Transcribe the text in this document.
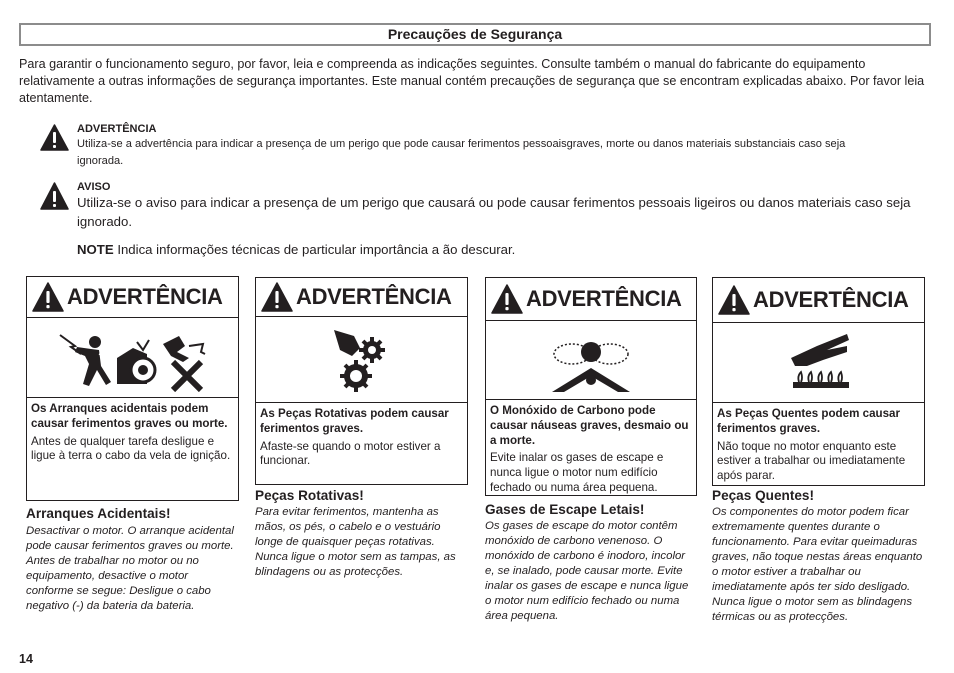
Precauções de Segurança
Para garantir o funcionamento seguro, por favor, leia e compreenda as indicações seguintes. Consulte também o manual do fabricante do equipamento relativamente a outras informações de segurança importantes. Este manual contém precauções de segurança que se encontram explicadas abaixo. Por favor leia atentamente.
ADVERTÊNCIA
Utiliza-se a advertência para indicar a presença de um perigo que pode causar ferimentos pessoaisgraves, morte ou danos materiais substanciais caso seja ignorada.
AVISO
Utiliza-se o aviso para indicar a presença de um perigo que causará ou pode causar ferimentos pessoais ligeiros ou danos materiais caso seja ignorado.
NOTE Indica informações técnicas de particular importância a ão descurar.
ADVERTÊNCIA
Os Arranques acidentais podem causar ferimentos graves ou morte.
Antes de qualquer tarefa desligue e ligue à terra o cabo da vela de ignição.
Arranques Acidentais!
Desactivar o motor. O arranque acidental pode causar ferimentos graves ou morte. Antes de trabalhar no motor ou no equipamento, desactive o motor conforme se segue: Desligue o cabo negativo (-) da bateria da bateria.
ADVERTÊNCIA
As Peças Rotativas podem causar ferimentos graves.
Afaste-se quando o motor estiver a funcionar.
Peças Rotativas!
Para evitar ferimentos, mantenha as mãos, os pés, o cabelo e o vestuário longe de quaisquer peças rotativas. Nunca ligue o motor sem as tampas, as blindagens ou as protecções.
ADVERTÊNCIA
O Monóxido de Carbono pode causar náuseas graves, desmaio ou a morte.
Evite inalar os gases de escape e nunca ligue o motor num edifício fechado ou numa área pequena.
Gases de Escape Letais!
Os gases de escape do motor contêm monóxido de carbono venenoso. O monóxido de carbono é inodoro, incolor e, se inalado, pode causar morte. Evite inalar os gases de escape e nunca ligue o motor num edifício fechado ou numa área pequena.
ADVERTÊNCIA
As Peças Quentes podem causar ferimentos graves.
Não toque no motor enquanto este estiver a trabalhar ou imediatamente após parar.
Peças Quentes!
Os componentes do motor podem ficar extremamente quentes durante o funcionamento. Para evitar queimaduras graves, não toque nestas áreas enquanto o motor estiver a trabalhar ou imediatamente após ter sido desligado. Nunca ligue o motor sem as blindagens térmicas ou as protecções.
14
